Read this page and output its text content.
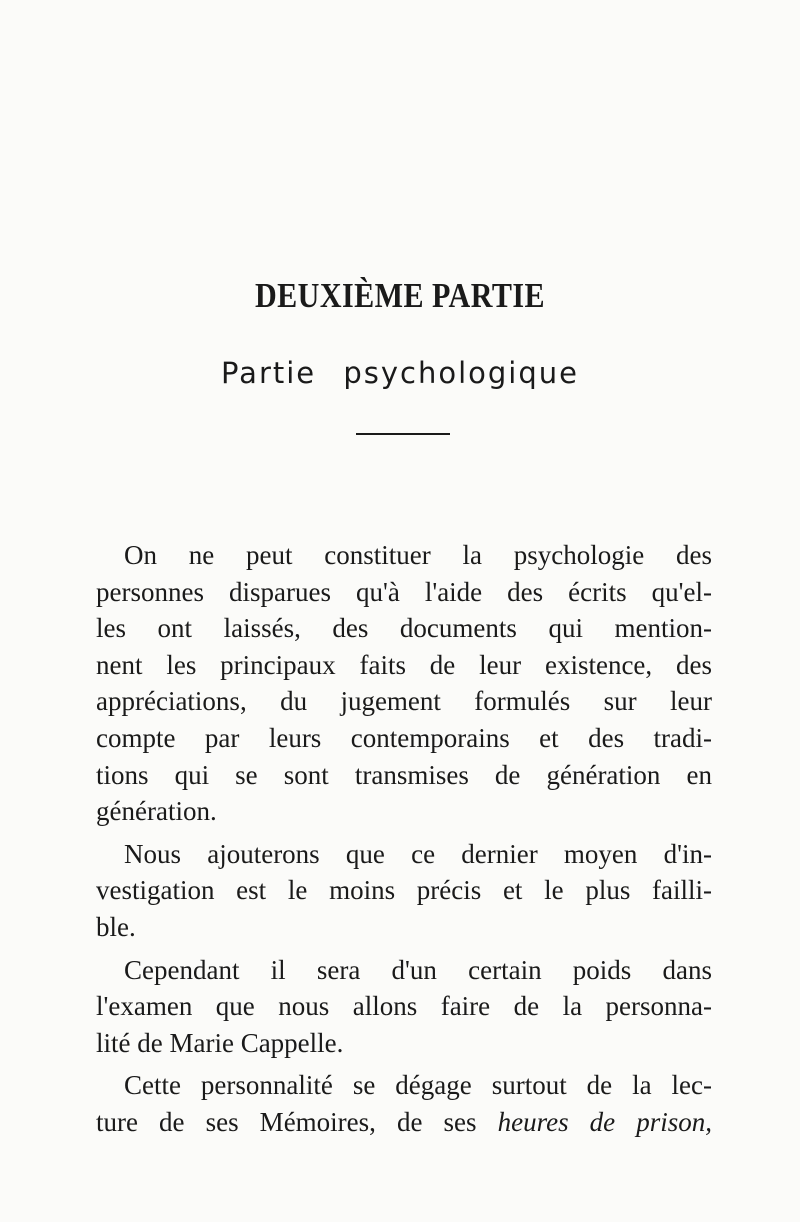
DEUXIÈME PARTIE
Partie psychologique
On ne peut constituer la psychologie des
personnes disparues qu'à l'aide des écrits qu'el-
les ont laissés, des documents qui mention-
nent les principaux faits de leur existence, des
appréciations, du jugement formulés sur leur
compte par leurs contemporains et des tradi-
tions qui se sont transmises de génération en
génération.
Nous ajouterons que ce dernier moyen d'in-
vestigation est le moins précis et le plus failli-
ble.
Cependant il sera d'un certain poids dans
l'examen que nous allons faire de la personna-
lité de Marie Cappelle.
Cette personnalité se dégage surtout de la lec-
ture de ses Mémoires, de ses heures de prison,
